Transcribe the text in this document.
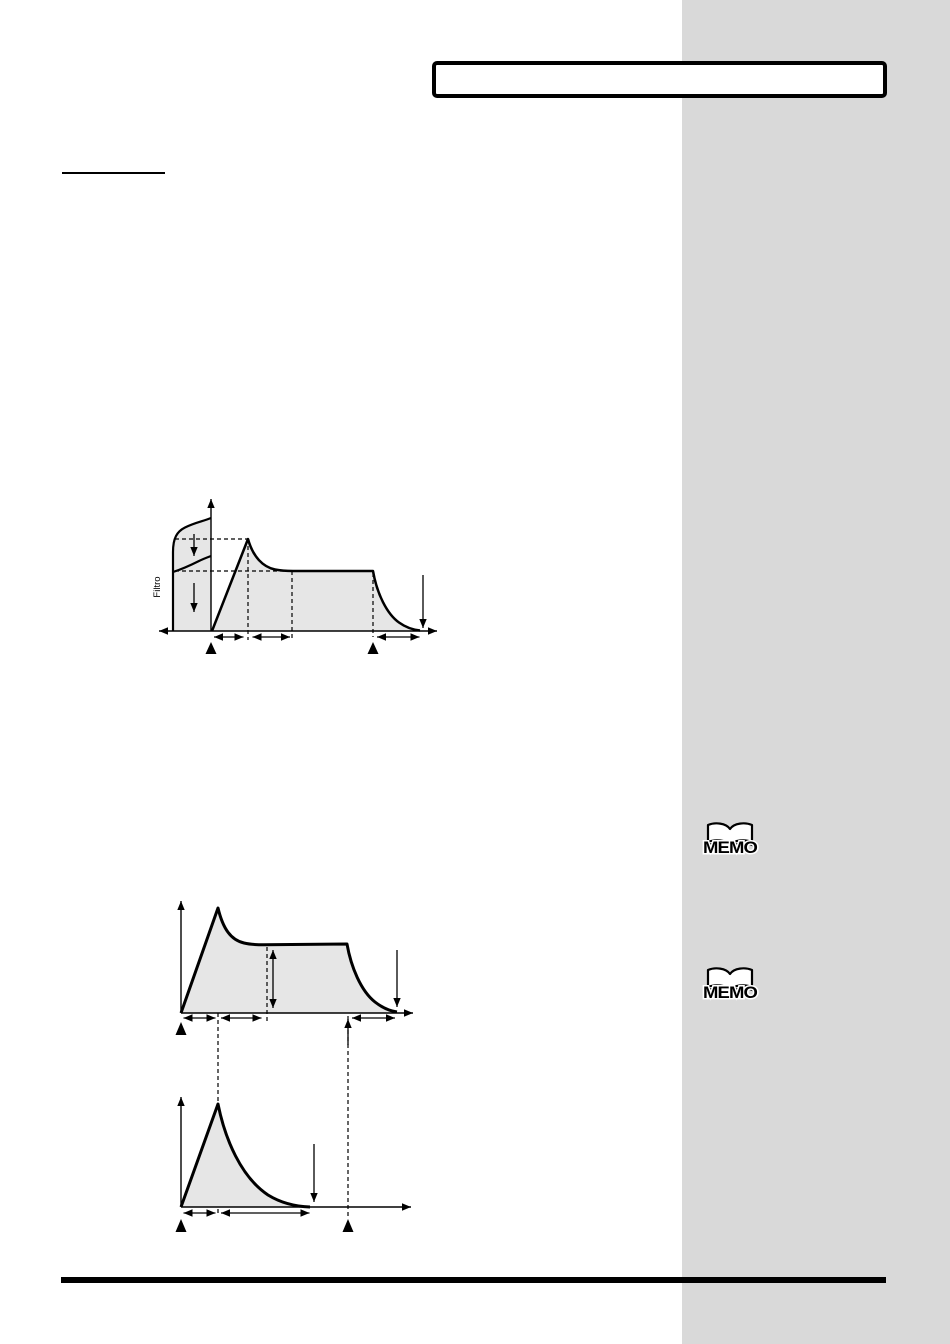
Filtro
MEMO
MEMO
